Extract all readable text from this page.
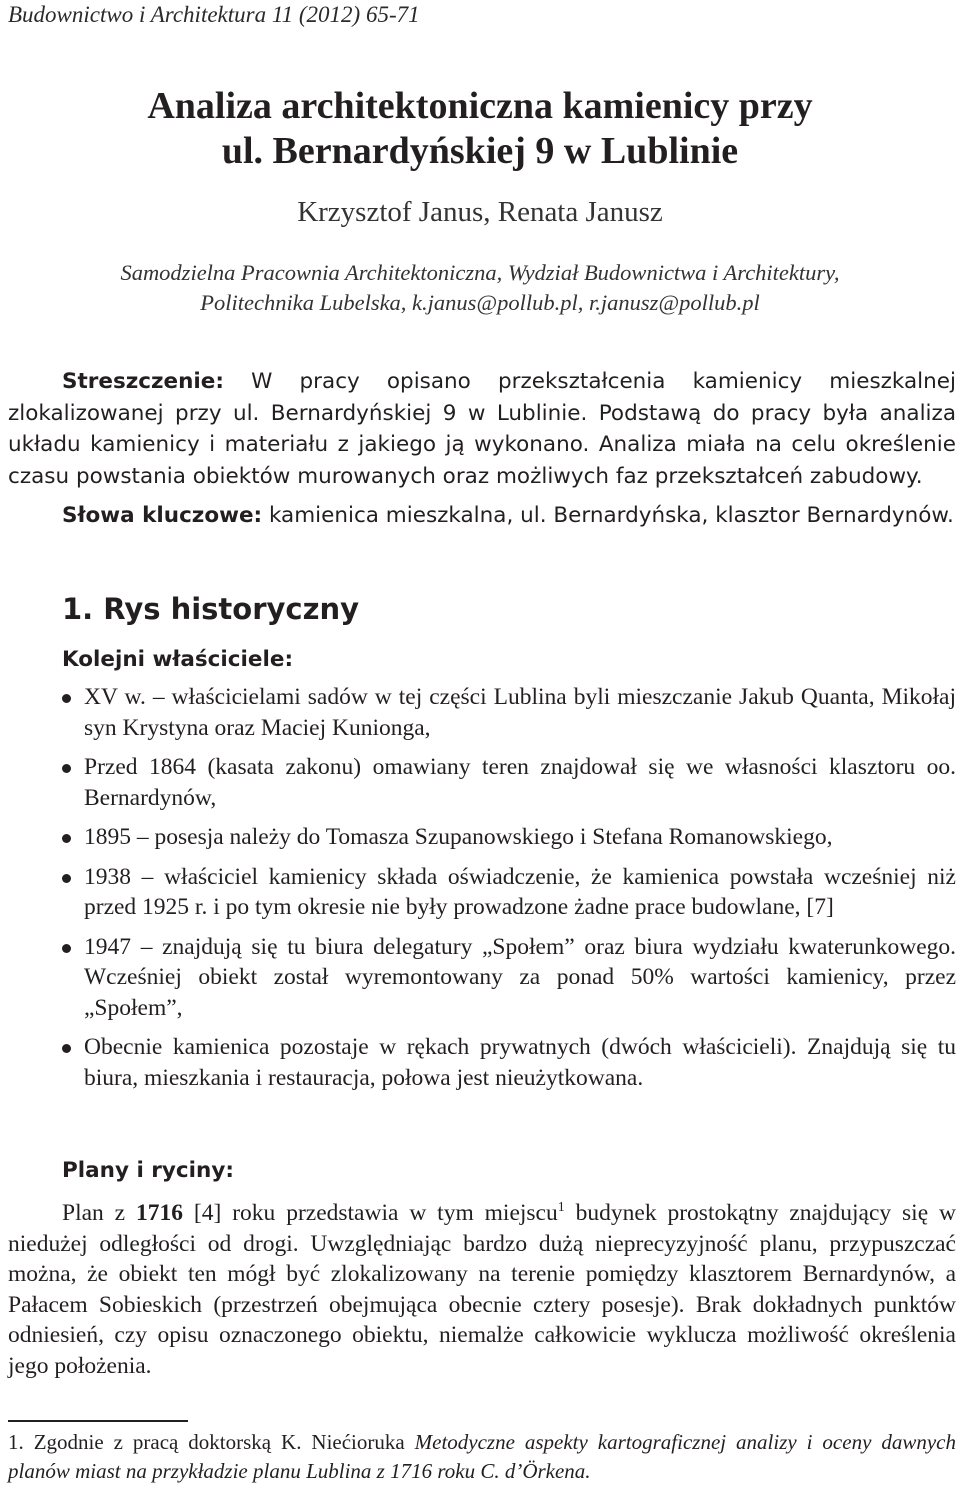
Budownictwo i Architektura 11 (2012) 65-71
Analiza architektoniczna kamienicy przy
ul. Bernardyńskiej 9 w Lublinie
Krzysztof Janus, Renata Janusz
Samodzielna Pracownia Architektoniczna, Wydział Budownictwa i Architektury,
Politechnika Lubelska, k.janus@pollub.pl, r.janusz@pollub.pl
Streszczenie: W pracy opisano przekształcenia kamienicy mieszkalnej zlokalizowanej przy ul. Bernardyńskiej 9 w Lublinie. Podstawą do pracy była analiza układu kamienicy i materiału z jakiego ją wykonano. Analiza miała na celu określenie czasu powstania obiektów murowanych oraz możliwych faz przekształceń zabudowy.
Słowa kluczowe: kamienica mieszkalna, ul. Bernardyńska, klasztor Bernardynów.
1. Rys historyczny
Kolejni właściciele:
XV w. – właścicielami sadów w tej części Lublina byli mieszczanie Jakub Quanta, Mikołaj syn Krystyna oraz Maciej Kunionga,
Przed 1864 (kasata zakonu) omawiany teren znajdował się we własności klasztoru oo. Bernardynów,
1895 – posesja należy do Tomasza Szupanowskiego i Stefana Romanowskiego,
1938 – właściciel kamienicy składa oświadczenie, że kamienica powstała wcześniej niż przed 1925 r. i po tym okresie nie były prowadzone żadne prace budowlane, [7]
1947 – znajdują się tu biura delegatury „Społem” oraz biura wydziału kwaterunkowego. Wcześniej obiekt został wyremontowany za ponad 50% wartości kamienicy, przez „Społem”,
Obecnie kamienica pozostaje w rękach prywatnych (dwóch właścicieli). Znajdują się tu biura, mieszkania i restauracja, połowa jest nieużytkowana.
Plany i ryciny:
Plan z 1716 [4] roku przedstawia w tym miejscu$^1$ budynek prostokątny znajdujący się w niedużej odległości od drogi. Uwzględniając bardzo dużą nieprecyzyjność planu, przypuszczać można, że obiekt ten mógł być zlokalizowany na terenie pomiędzy klasztorem Bernardynów, a Pałacem Sobieskich (przestrzeń obejmująca obecnie cztery posesje). Brak dokładnych punktów odniesień, czy opisu oznaczonego obiektu, niemalże całkowicie wyklucza możliwość określenia jego położenia.
1. Zgodnie z pracą doktorską K. Niećioruka Metodyczne aspekty kartograficznej analizy i oceny dawnych planów miast na przykładzie planu Lublina z 1716 roku C. d’Örkena.
